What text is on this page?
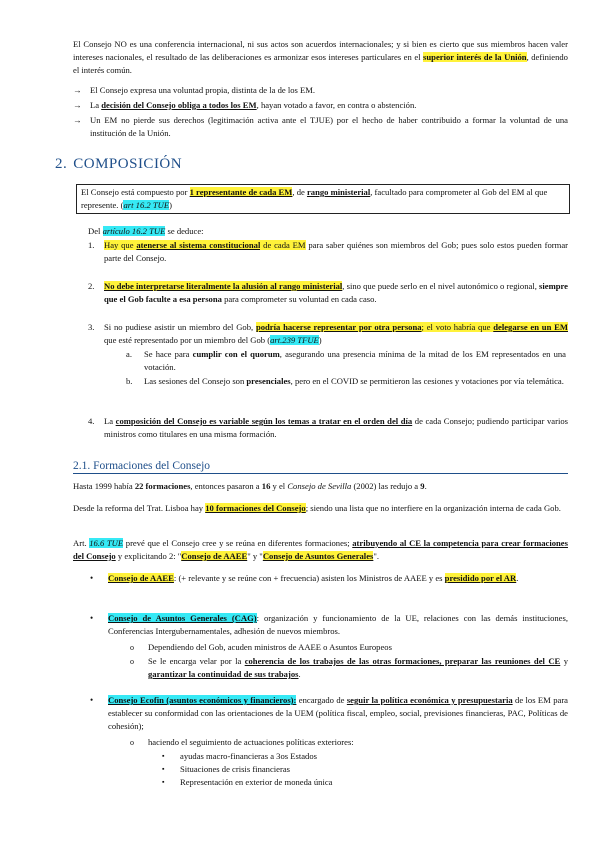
El Consejo NO es una conferencia internacional, ni sus actos son acuerdos internacionales; y si bien es cierto que sus miembros hacen valer intereses nacionales, el resultado de las deliberaciones es armonizar esos intereses particulares en el superior interés de la Unión, definiendo el interés común.
→ El Consejo expresa una voluntad propia, distinta de la de los EM.
→ La decisión del Consejo obliga a todos los EM, hayan votado a favor, en contra o abstención.
→ Un EM no pierde sus derechos (legitimación activa ante el TJUE) por el hecho de haber contribuido a formar la voluntad de una institución de la Unión.
2. COMPOSICIÓN
El Consejo está compuesto por 1 representante de cada EM, de rango ministerial, facultado para comprometer al Gob del EM al que represente. (art 16.2 TUE)
Del artículo 16.2 TUE se deduce:
1. Hay que atenerse al sistema constitucional de cada EM para saber quiénes son miembros del Gob; pues solo estos pueden formar parte del Consejo.
2. No debe interpretarse literalmente la alusión al rango ministerial, sino que puede serlo en el nivel autonómico o regional, siempre que el Gob faculte a esa persona para comprometer su voluntad en cada caso.
3. Si no pudiese asistir un miembro del Gob, podría hacerse representar por otra persona; el voto habría que delegarse en un EM que esté representado por un miembro del Gob (art.239 TFUE)
a. Se hace para cumplir con el quorum, asegurando una presencia mínima de la mitad de los EM representados en una votación.
b. Las sesiones del Consejo son presenciales, pero en el COVID se permitieron las cesiones y votaciones por vía telemática.
4. La composición del Consejo es variable según los temas a tratar en el orden del día de cada Consejo; pudiendo participar varios ministros como titulares en una misma formación.
2.1. Formaciones del Consejo
Hasta 1999 había 22 formaciones, entonces pasaron a 16 y el Consejo de Sevilla (2002) las redujo a 9.
Desde la reforma del Trat. Lisboa hay 10 formaciones del Consejo; siendo una lista que no interfiere en la organización interna de cada Gob.
Art. 16.6 TUE prevé que el Consejo cree y se reúna en diferentes formaciones; atribuyendo al CE la competencia para crear formaciones del Consejo y explicitando 2: "Consejo de AAEE" y "Consejo de Asuntos Generales".
• Consejo de AAEE: (+ relevante y se reúne con + frecuencia) asisten los Ministros de AAEE y es presidido por el AR.
• Consejo de Asuntos Generales (CAG): organización y funcionamiento de la UE, relaciones con las demás instituciones, Conferencias Intergubernamentales, adhesión de nuevos miembros.
o Dependiendo del Gob, acuden ministros de AAEE o Asuntos Europeos
o Se le encarga velar por la coherencia de los trabajos de las otras formaciones, preparar las reuniones del CE y garantizar la continuidad de sus trabajos.
• Consejo Ecofin (asuntos económicos y financieros): encargado de seguir la política económica y presupuestaria de los EM para establecer su conformidad con las orientaciones de la UEM (política fiscal, empleo, social, previsiones financieras, PAC, Políticas de cohesión);
o haciendo el seguimiento de actuaciones políticas exteriores:
▪ ayudas macro-financieras a 3os Estados
▪ Situaciones de crisis financieras
▪ Representación en exterior de moneda única
